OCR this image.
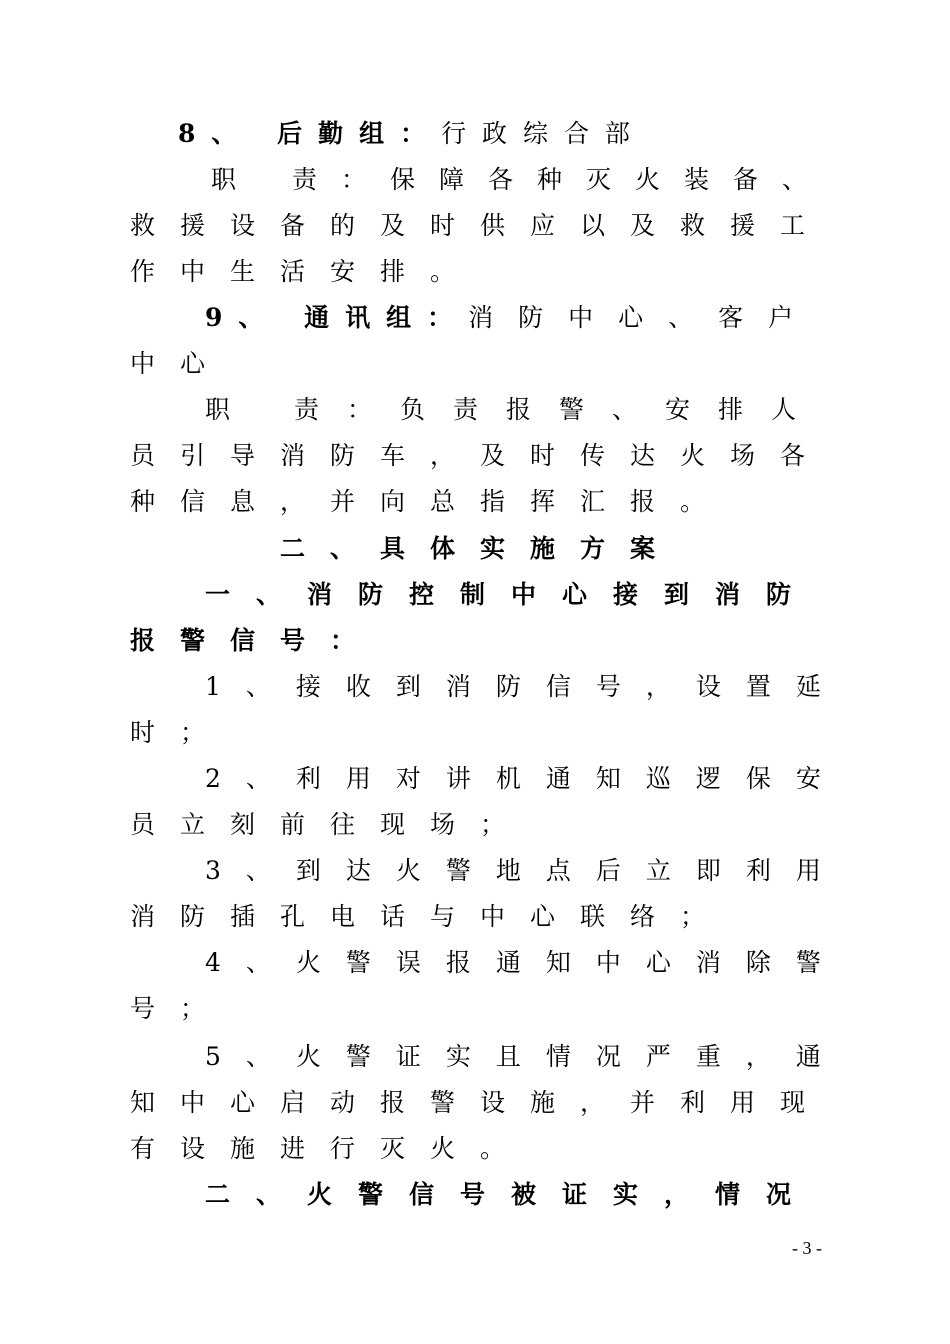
8、 后勤组：行 政 综 合 部
职 责：保障各种灭火装备、
救援设备的及时供应以及救援工
作中生活安排。
9、 通讯组：消防中心、客户
中心
职 责：负责报警、安排人
员引导消防车，及时传达火场各
种信息，并向总指挥汇报。
二、具体实施方案
一、消防控制中心接到消防
报警信号：
1、接收到消防信号，设置延
时；
2、利用对讲机通知巡逻保安
员立刻前往现场；
3、到达火警地点后立即利用
消防插孔电话与中心联络；
4、火警误报通知中心消除警
号；
5、火警证实且情况严重，通
知中心启动报警设施，并利用现
有设施进行灭火。
二、火警信号被证实，情况
- 3 -
